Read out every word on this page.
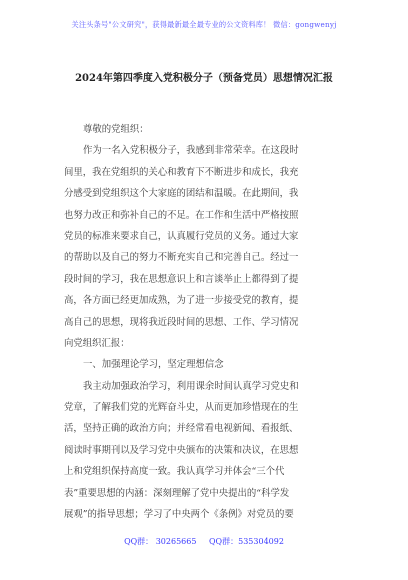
关注头条号"公文研究"，获得最新最全最专业的公文资料库！ 微信：gongwenyj
2024年第四季度入党积极分子（预备党员）思想情况汇报
尊敬的党组织：
作为一名入党积极分子，我感到非常荣幸。在这段时
间里，我在党组织的关心和教育下不断进步和成长，我充
分感受到党组织这个大家庭的团结和温暖。在此期间，我
也努力改正和弥补自己的不足。在工作和生活中严格按照
党员的标准来要求自己，认真履行党员的义务。通过大家
的帮助以及自己的努力不断充实自己和完善自己。经过一
段时间的学习，我在思想意识上和言谈举止上都得到了提
高，各方面已经更加成熟，为了进一步接受党的教育，提
高自己的思想，现将我近段时间的思想、工作、学习情况
向党组织汇报：
一、加强理论学习，坚定理想信念
我主动加强政治学习，利用课余时间认真学习党史和
党章，了解我们党的光辉奋斗史，从而更加珍惜现在的生
活，坚持正确的政治方向；并经常看电视新闻、看报纸、
阅读时事期刊以及学习党中央颁布的决策和决议，在思想
上和党组织保持高度一致。我认真学习并体会“三个代
表”重要思想的内涵：深刻理解了党中央提出的“科学发
展观”的指导思想；学习了中央两个《条例》对党员的要
QQ群： 30265665 QQ群：535304092
